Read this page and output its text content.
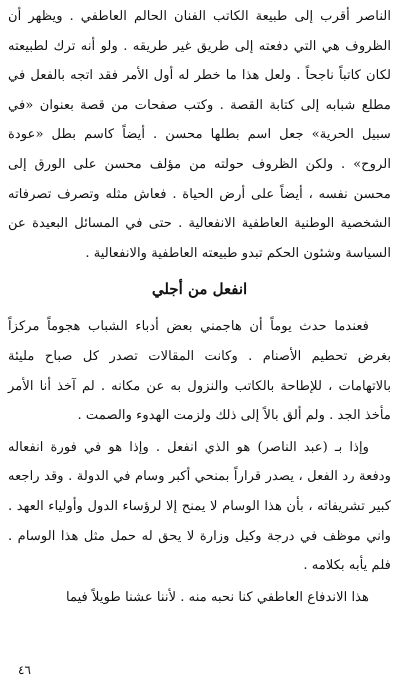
الناصر أقرب إلى طبيعة الكاتب الفنان الحالم العاطفي . ويظهر أن الظروف هي التي دفعته إلى طريق غير طريقه . ولو أنه ترك لطبيعته لكان كاتباً ناجحاً . ولعل هذا ما خطر له أول الأمر فقد اتجه بالفعل في مطلع شبابه إلى كتابة القصة . وكتب صفحات من قصة بعنوان «في سبيل الحرية» جعل اسم بطلها محسن . أيضاً كاسم بطل «عودة الروح» . ولكن الظروف حولته من مؤلف محسن على الورق إلى محسن نفسه ، أيضاً على أرض الحياة . فعاش مثله وتصرف تصرفاته الشخصية الوطنية العاطفية الانفعالية . حتى في المسائل البعيدة عن السياسة وشئون الحكم تبدو طبيعته العاطفية والانفعالية .

انفعل من أجلي

فعندما حدث يوماً أن هاجمني بعض أدباء الشباب هجوماً مركزاً بغرض تحطيم الأصنام . وكانت المقالات تصدر كل صباح مليئة بالاتهامات ، للإطاحة بالكاتب والنزول به عن مكانه . لم آخذ أنا الأمر مأخذ الجد . ولم ألق بالاً إلى ذلك ولزمت الهدوء والصمت .

وإذا بـ (عبد الناصر) هو الذي انفعل . وإذا هو في فورة انفعاله ودفعة رد الفعل ، يصدر قراراً بمنحي أكبر وسام في الدولة . وقد راجعه كبير تشريفاته ، بأن هذا الوسام لا يمنح إلا لرؤساء الدول وأولياء العهد . واني موظف في درجة وكيل وزارة لا يحق له حمل مثل هذا الوسام . فلم يأبه بكلامه .

هذا الاندفاع العاطفي كنا نحبه منه . لأننا عشنا طويلاً فيما

٤٦
